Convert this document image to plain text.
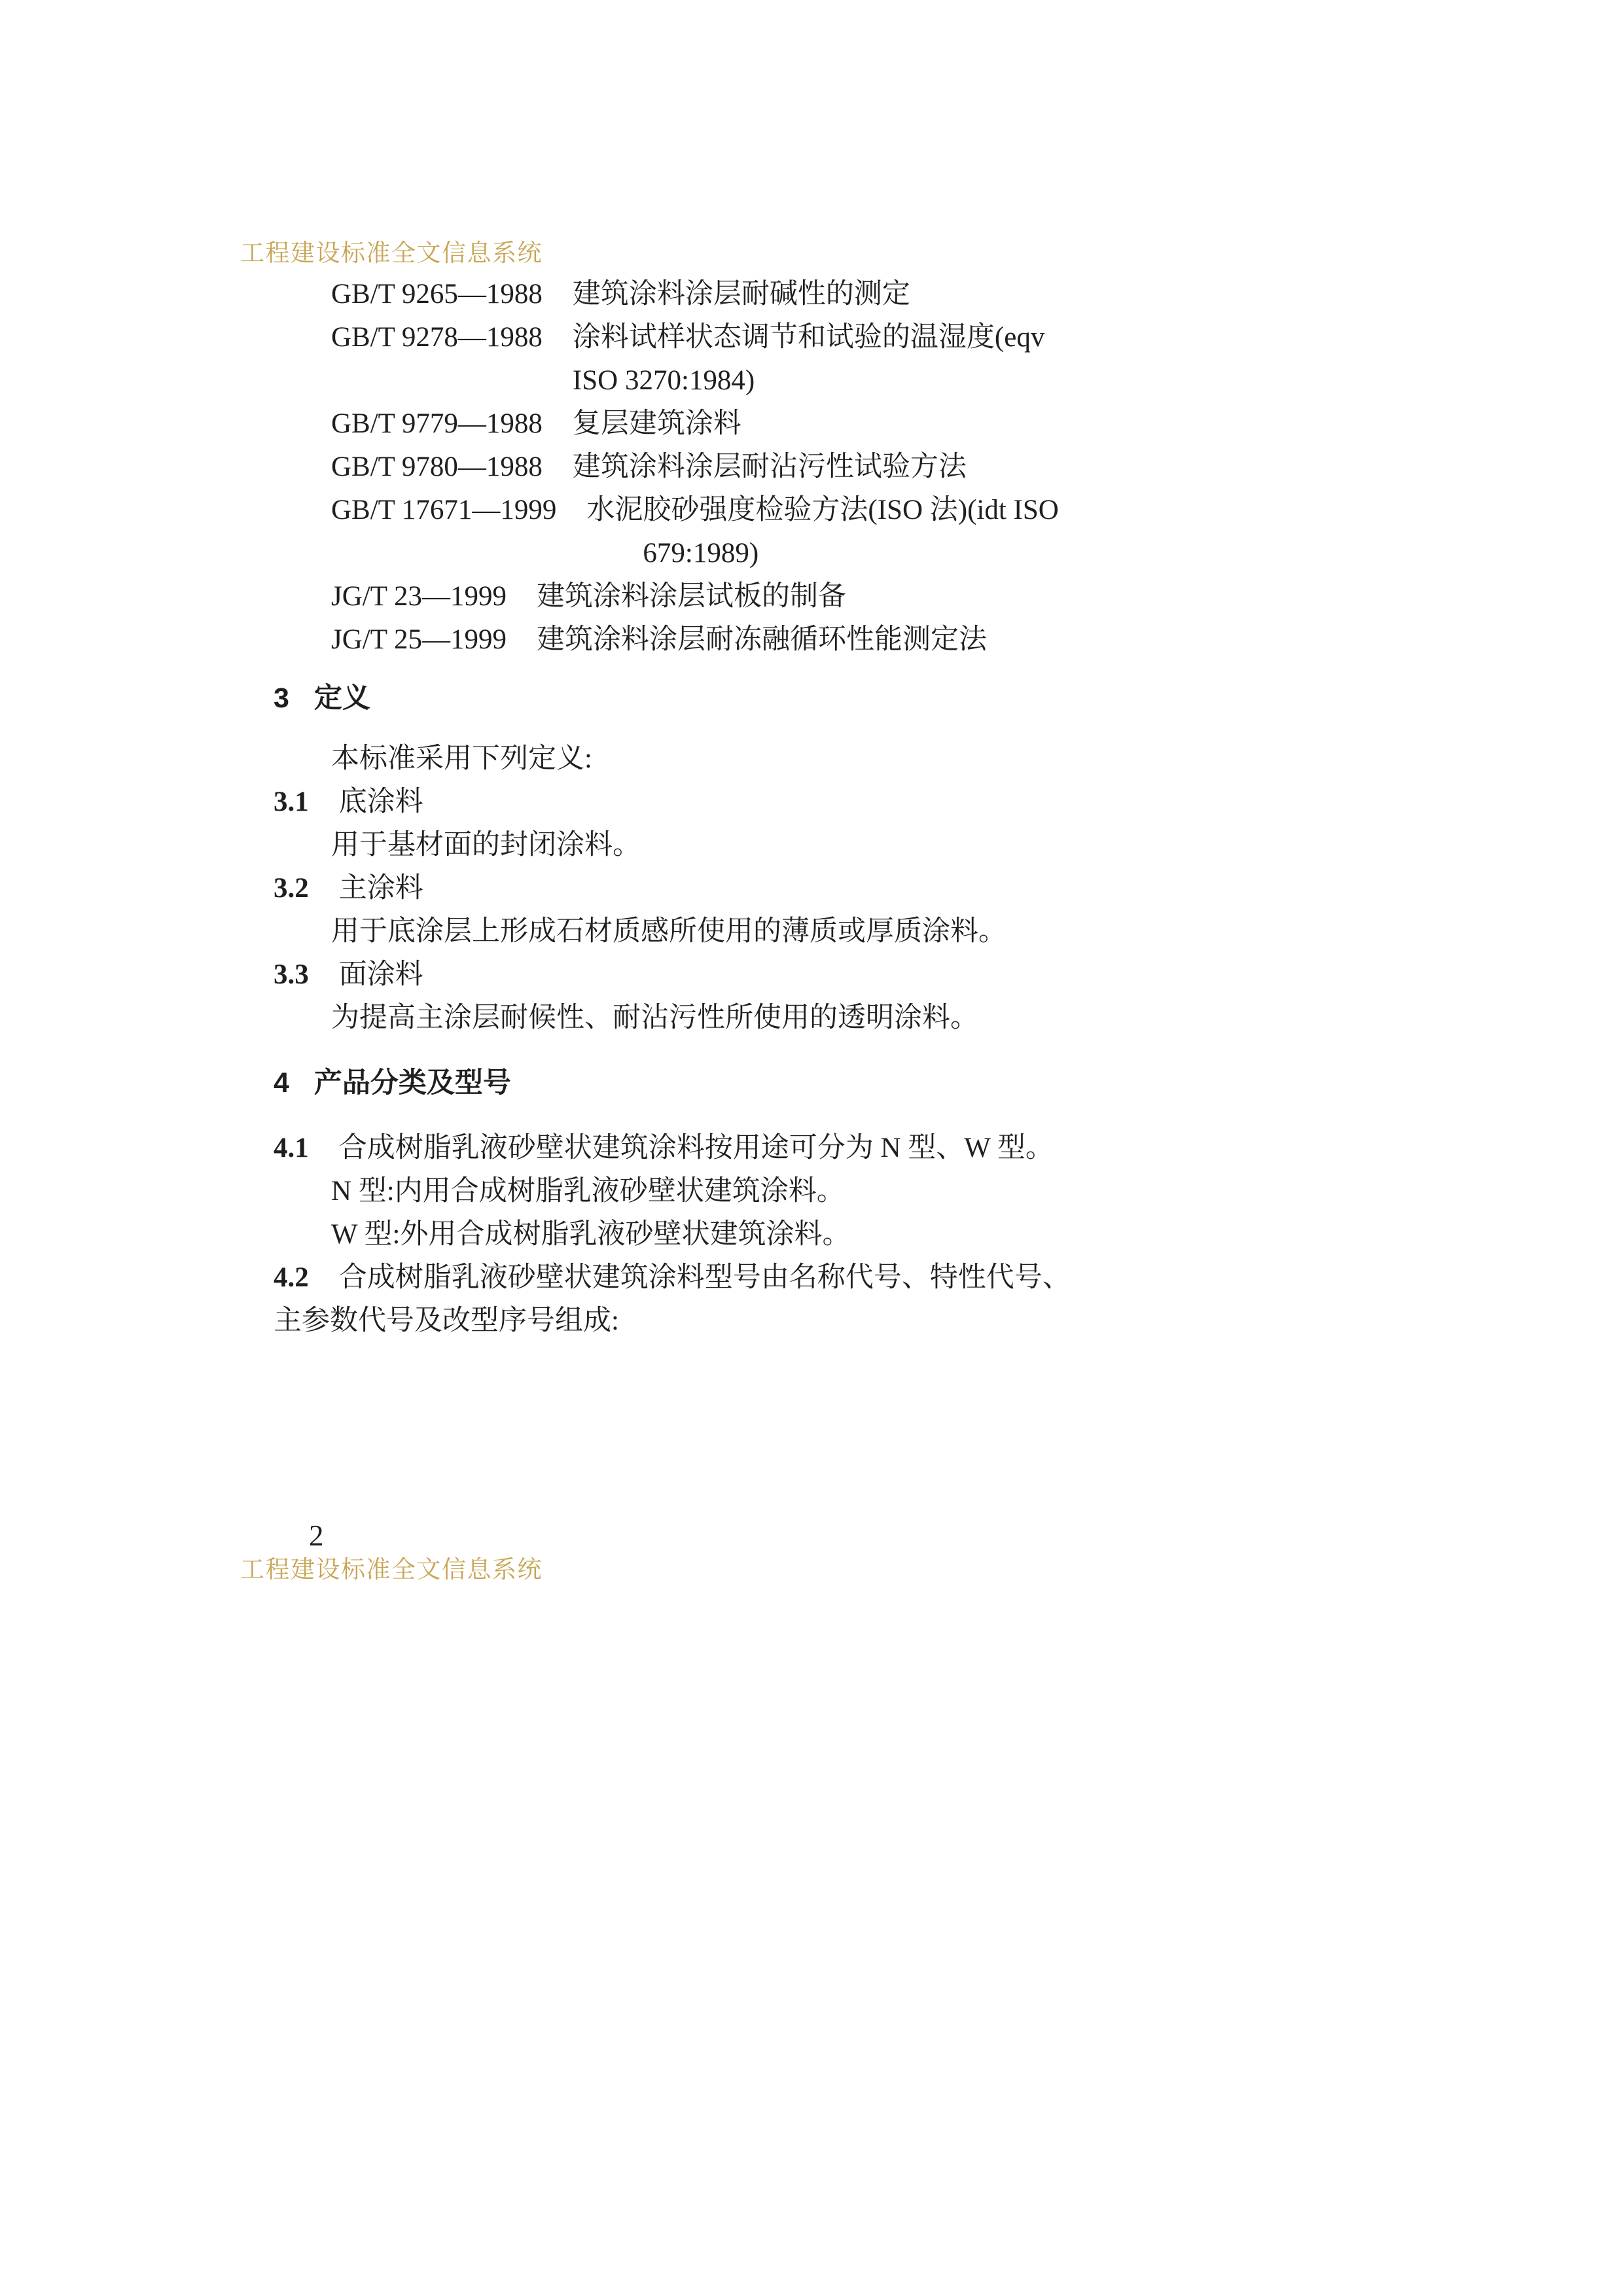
工程建设标准全文信息系统
GB/T 9265—1988 建筑涂料涂层耐碱性的测定
GB/T 9278—1988 涂料试样状态调节和试验的温湿度(eqv
ISO 3270:1984)
GB/T 9779—1988 复层建筑涂料
GB/T 9780—1988 建筑涂料涂层耐沾污性试验方法
GB/T 17671—1999 水泥胶砂强度检验方法(ISO 法)(idt ISO
　　679:1989)
JG/T 23—1999 建筑涂料涂层试板的制备
JG/T 25—1999 建筑涂料涂层耐冻融循环性能测定法
3 定义
本标准采用下列定义:
3.1 底涂料
用于基材面的封闭涂料。
3.2 主涂料
用于底涂层上形成石材质感所使用的薄质或厚质涂料。
3.3 面涂料
为提高主涂层耐候性、耐沾污性所使用的透明涂料。
4 产品分类及型号
4.1 合成树脂乳液砂壁状建筑涂料按用途可分为 N 型、W 型。
N 型:内用合成树脂乳液砂壁状建筑涂料。
W 型:外用合成树脂乳液砂壁状建筑涂料。
4.2 合成树脂乳液砂壁状建筑涂料型号由名称代号、特性代号、
主参数代号及改型序号组成:
2
工程建设标准全文信息系统
